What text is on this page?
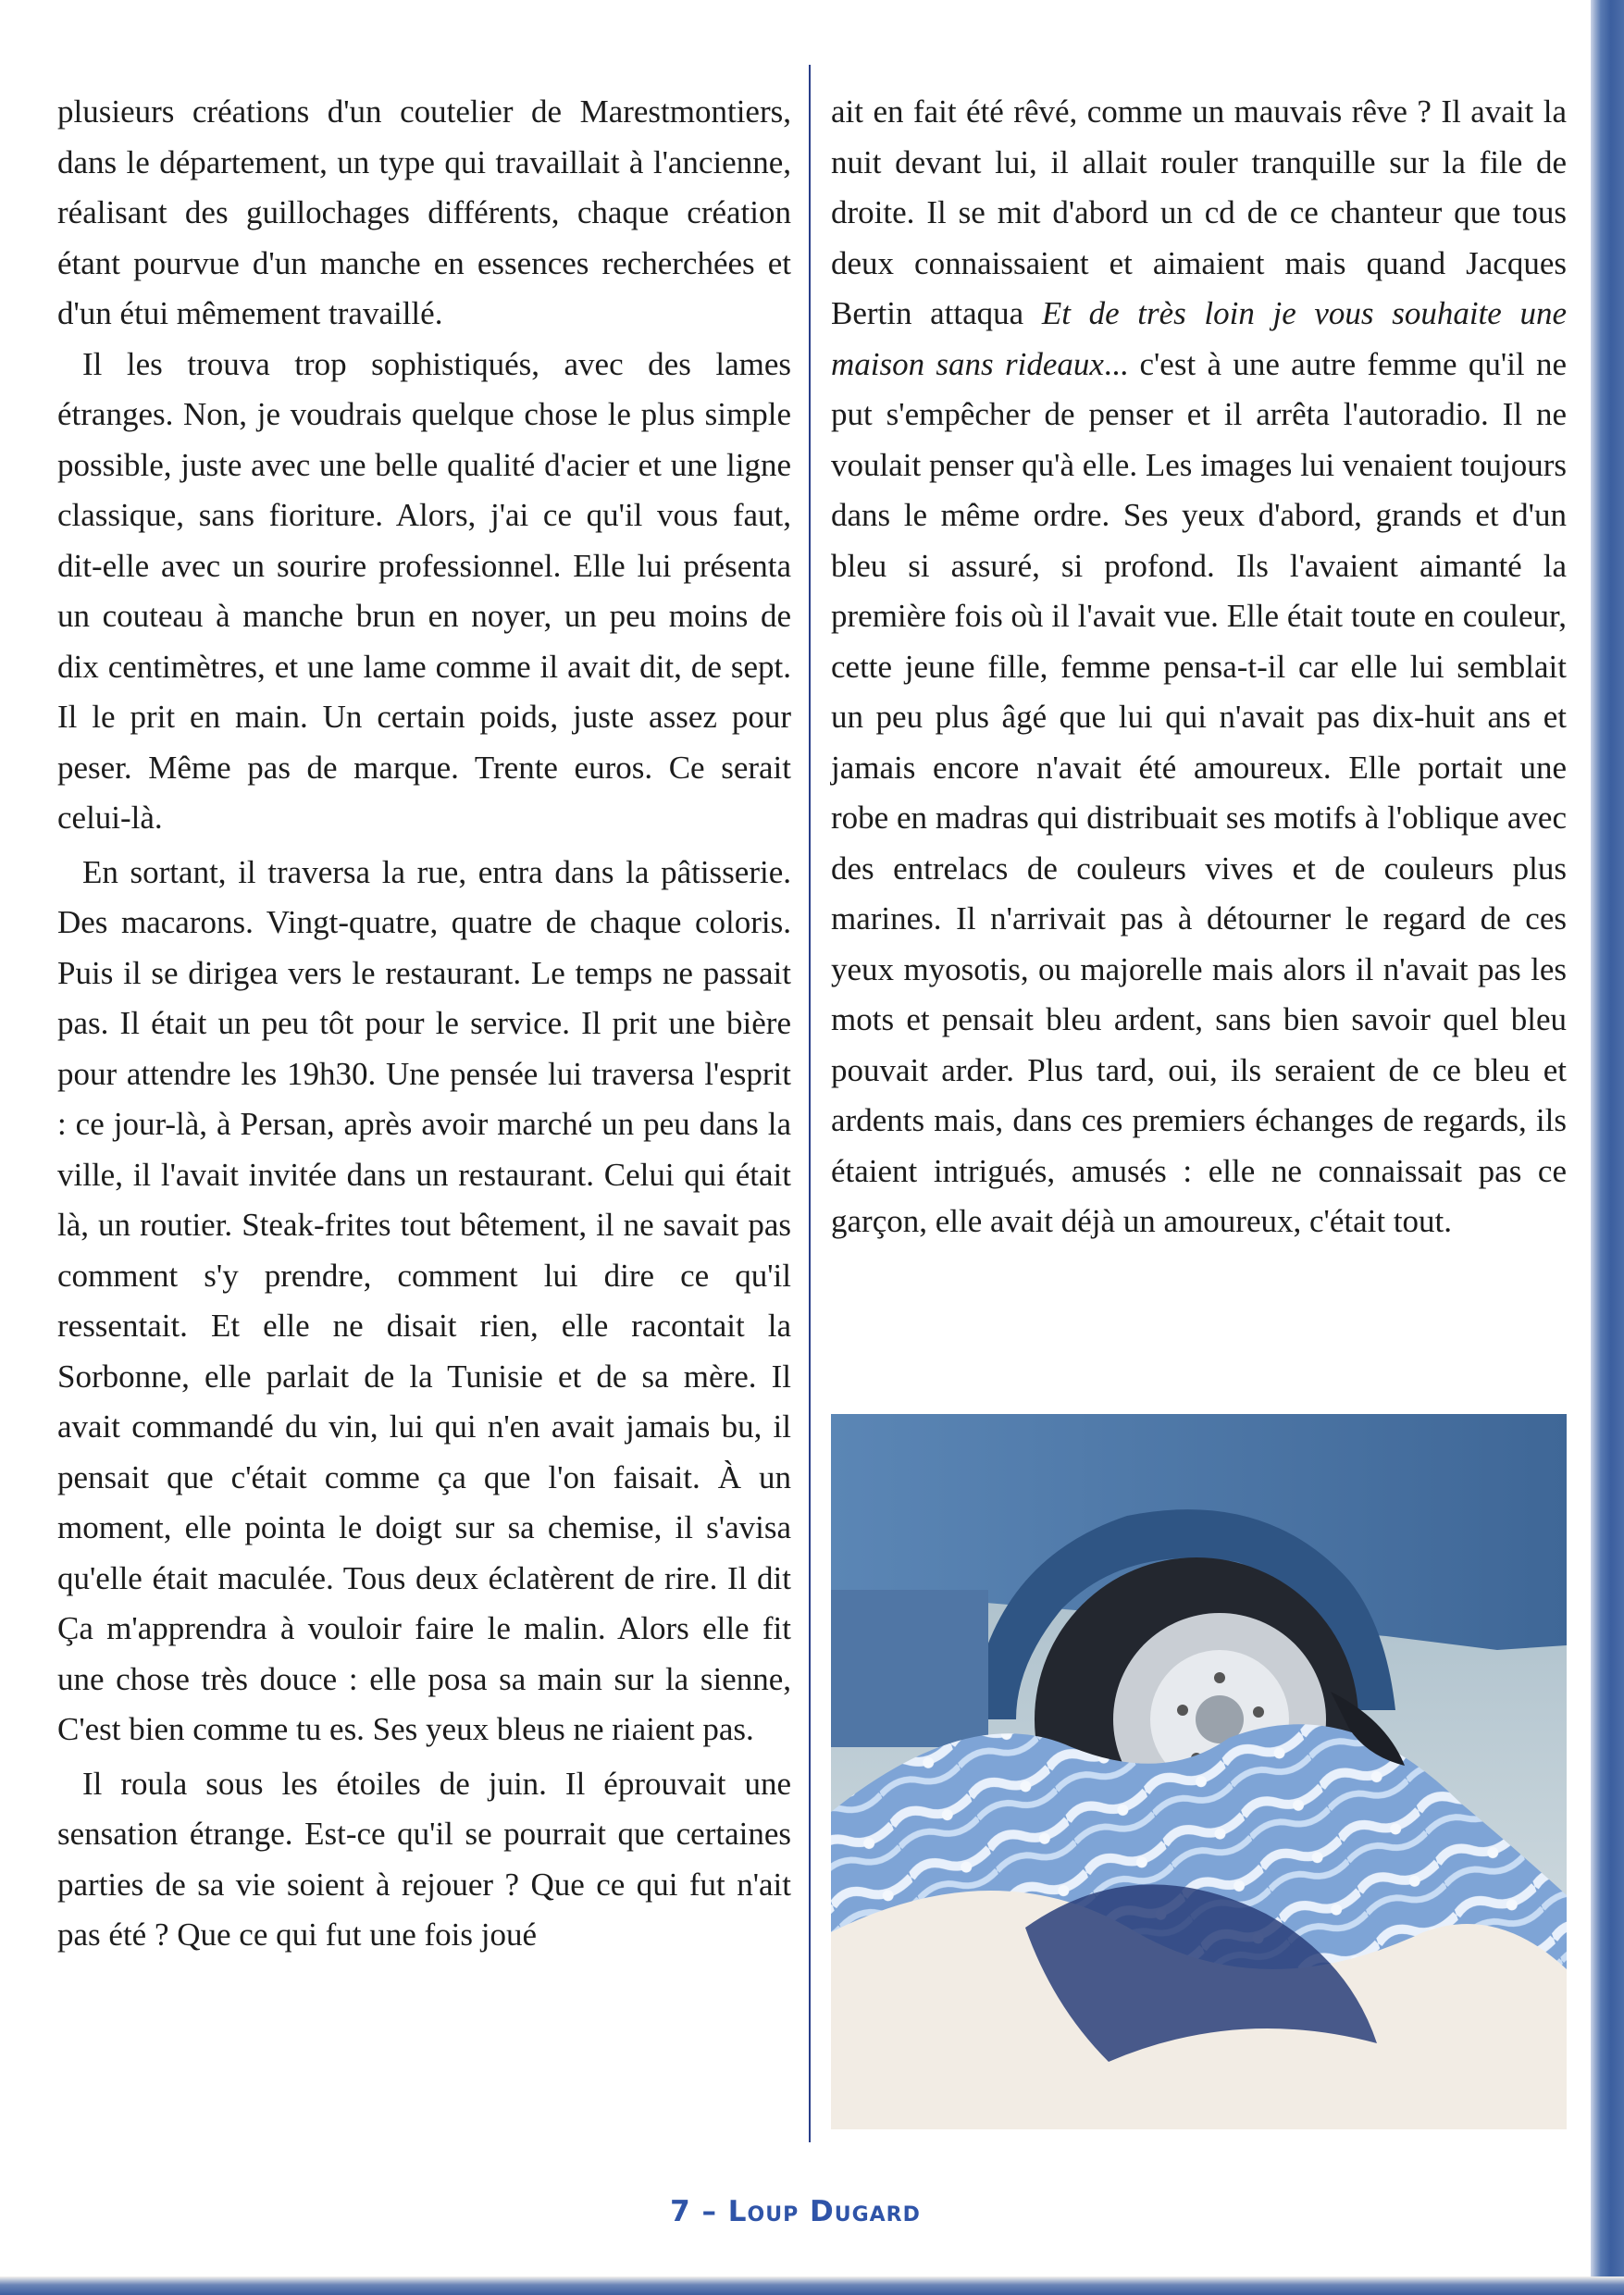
plusieurs créations d'un coutelier de Marestmontiers, dans le département, un type qui travaillait à l'ancienne, réalisant des guillochages différents, chaque création étant pourvue d'un manche en essences recherchées et d'un étui mêmement travaillé.

Il les trouva trop sophistiqués, avec des lames étranges. Non, je voudrais quelque chose le plus simple possible, juste avec une belle qualité d'acier et une ligne classique, sans fioriture. Alors, j'ai ce qu'il vous faut, dit-elle avec un sourire professionnel. Elle lui présenta un couteau à manche brun en noyer, un peu moins de dix centimètres, et une lame comme il avait dit, de sept. Il le prit en main. Un certain poids, juste assez pour peser. Même pas de marque. Trente euros. Ce serait celui-là.

En sortant, il traversa la rue, entra dans la pâtisserie. Des macarons. Vingt-quatre, quatre de chaque coloris. Puis il se dirigea vers le restaurant. Le temps ne passait pas. Il était un peu tôt pour le service. Il prit une bière pour attendre les 19h30. Une pensée lui traversa l'esprit : ce jour-là, à Persan, après avoir marché un peu dans la ville, il l'avait invitée dans un restaurant. Celui qui était là, un routier. Steak-frites tout bêtement, il ne savait pas comment s'y prendre, comment lui dire ce qu'il ressentait. Et elle ne disait rien, elle racontait la Sorbonne, elle parlait de la Tunisie et de sa mère. Il avait commandé du vin, lui qui n'en avait jamais bu, il pensait que c'était comme ça que l'on faisait. À un moment, elle pointa le doigt sur sa chemise, il s'avisa qu'elle était maculée. Tous deux éclatèrent de rire. Il dit Ça m'apprendra à vouloir faire le malin. Alors elle fit une chose très douce : elle posa sa main sur la sienne, C'est bien comme tu es. Ses yeux bleus ne riaient pas.

Il roula sous les étoiles de juin. Il éprouvait une sensation étrange. Est-ce qu'il se pourrait que certaines parties de sa vie soient à rejouer ? Que ce qui fut n'ait pas été ? Que ce qui fut une fois joué

ait en fait été rêvé, comme un mauvais rêve ? Il avait la nuit devant lui, il allait rouler tranquille sur la file de droite. Il se mit d'abord un cd de ce chanteur que tous deux connaissaient et aimaient mais quand Jacques Bertin attaqua Et de très loin je vous souhaite une maison sans rideaux... c'est à une autre femme qu'il ne put s'empêcher de penser et il arrêta l'autoradio. Il ne voulait penser qu'à elle. Les images lui venaient toujours dans le même ordre. Ses yeux d'abord, grands et d'un bleu si assuré, si profond. Ils l'avaient aimanté la première fois où il l'avait vue. Elle était toute en couleur, cette jeune fille, femme pensa-t-il car elle lui semblait un peu plus âgé que lui qui n'avait pas dix-huit ans et jamais encore n'avait été amoureux. Elle portait une robe en madras qui distribuait ses motifs à l'oblique avec des entrelacs de couleurs vives et de couleurs plus marines. Il n'arrivait pas à détourner le regard de ces yeux myosotis, ou majorelle mais alors il n'avait pas les mots et pensait bleu ardent, sans bien savoir quel bleu pouvait arder. Plus tard, oui, ils seraient de ce bleu et ardents mais, dans ces premiers échanges de regards, ils étaient intrigués, amusés : elle ne connaissait pas ce garçon, elle avait déjà un amoureux, c'était tout.

7 – Loup Dugard
